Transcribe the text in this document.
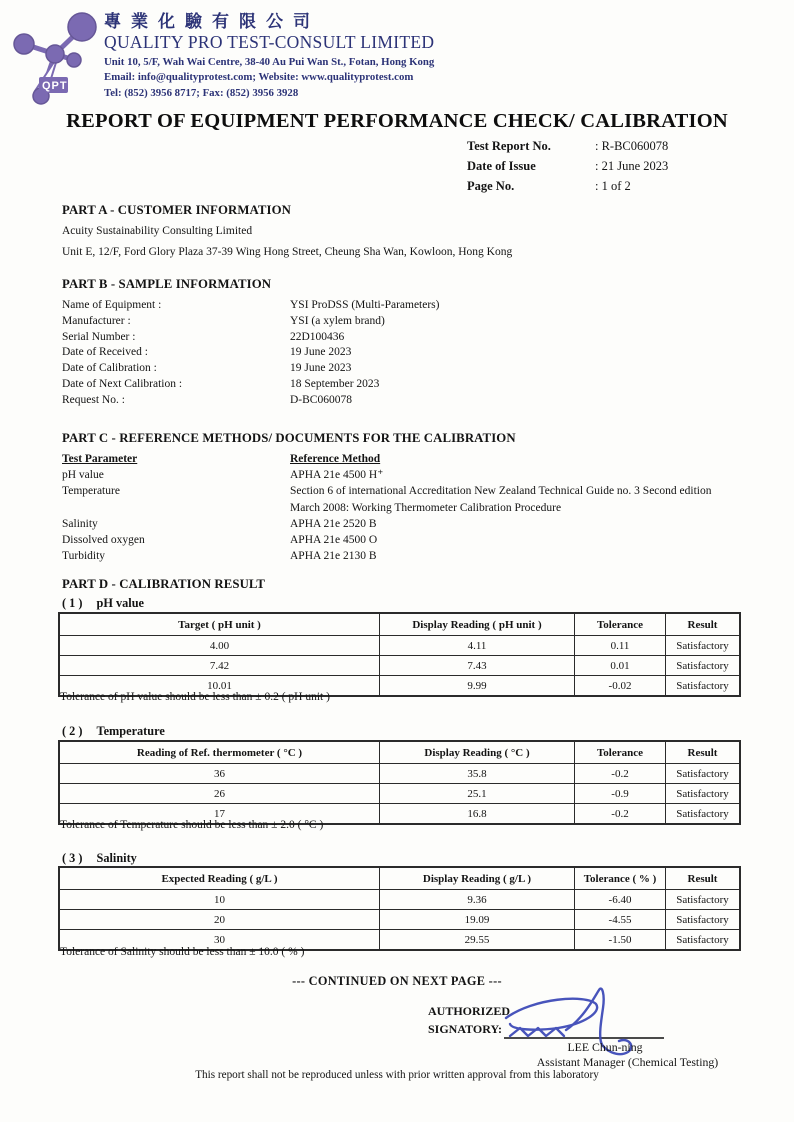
QPT
專業化驗有限公司
QUALITY PRO TEST-CONSULT LIMITED
Unit 10, 5/F, Wah Wai Centre, 38-40 Au Pui Wan St., Fotan, Hong Kong
Email: info@qualityprotest.com; Website: www.qualityprotest.com
Tel: (852) 3956 8717; Fax: (852) 3956 3928
REPORT OF EQUIPMENT PERFORMANCE CHECK/ CALIBRATION
Test Report No.	: R-BC060078
Date of Issue	: 21 June 2023
Page No.	: 1 of 2
PART A - CUSTOMER INFORMATION
Acuity Sustainability Consulting Limited
Unit E, 12/F, Ford Glory Plaza 37-39 Wing Hong Street, Cheung Sha Wan, Kowloon, Hong Kong
PART B - SAMPLE INFORMATION
Name of Equipment :	YSI ProDSS (Multi-Parameters)
Manufacturer :	YSI (a xylem brand)
Serial Number :	22D100436
Date of Received :	19 June 2023
Date of Calibration :	19 June 2023
Date of Next Calibration :	18 September 2023
Request No. :	D-BC060078
PART C - REFERENCE METHODS/ DOCUMENTS FOR THE CALIBRATION
Test Parameter	Reference Method
pH value	APHA 21e 4500 H⁺
Temperature	Section 6 of international Accreditation New Zealand Technical Guide no. 3 Second edition March 2008: Working Thermometer Calibration Procedure
Salinity	APHA 21e 2520 B
Dissolved oxygen	APHA 21e 4500 O
Turbidity	APHA 21e 2130 B
PART D - CALIBRATION RESULT
( 1 ) pH value
Target ( pH unit )	Display Reading ( pH unit )	Tolerance	Result
4.00	4.11	0.11	Satisfactory
7.42	7.43	0.01	Satisfactory
10.01	9.99	-0.02	Satisfactory
Tolerance of pH value should be less than ± 0.2 ( pH unit )
( 2 ) Temperature
Reading of Ref. thermometer ( °C )	Display Reading ( °C )	Tolerance	Result
36	35.8	-0.2	Satisfactory
26	25.1	-0.9	Satisfactory
17	16.8	-0.2	Satisfactory
Tolerance of Temperature should be less than ± 2.0 ( °C )
( 3 ) Salinity
Expected Reading ( g/L )	Display Reading ( g/L )	Tolerance ( % )	Result
10	9.36	-6.40	Satisfactory
20	19.09	-4.55	Satisfactory
30	29.55	-1.50	Satisfactory
Tolerance of Salinity should be less than ± 10.0 ( % )
--- CONTINUED ON NEXT PAGE ---
AUTHORIZED
SIGNATORY:
LEE Chun-ning
Assistant Manager (Chemical Testing)
This report shall not be reproduced unless with prior written approval from this laboratory
